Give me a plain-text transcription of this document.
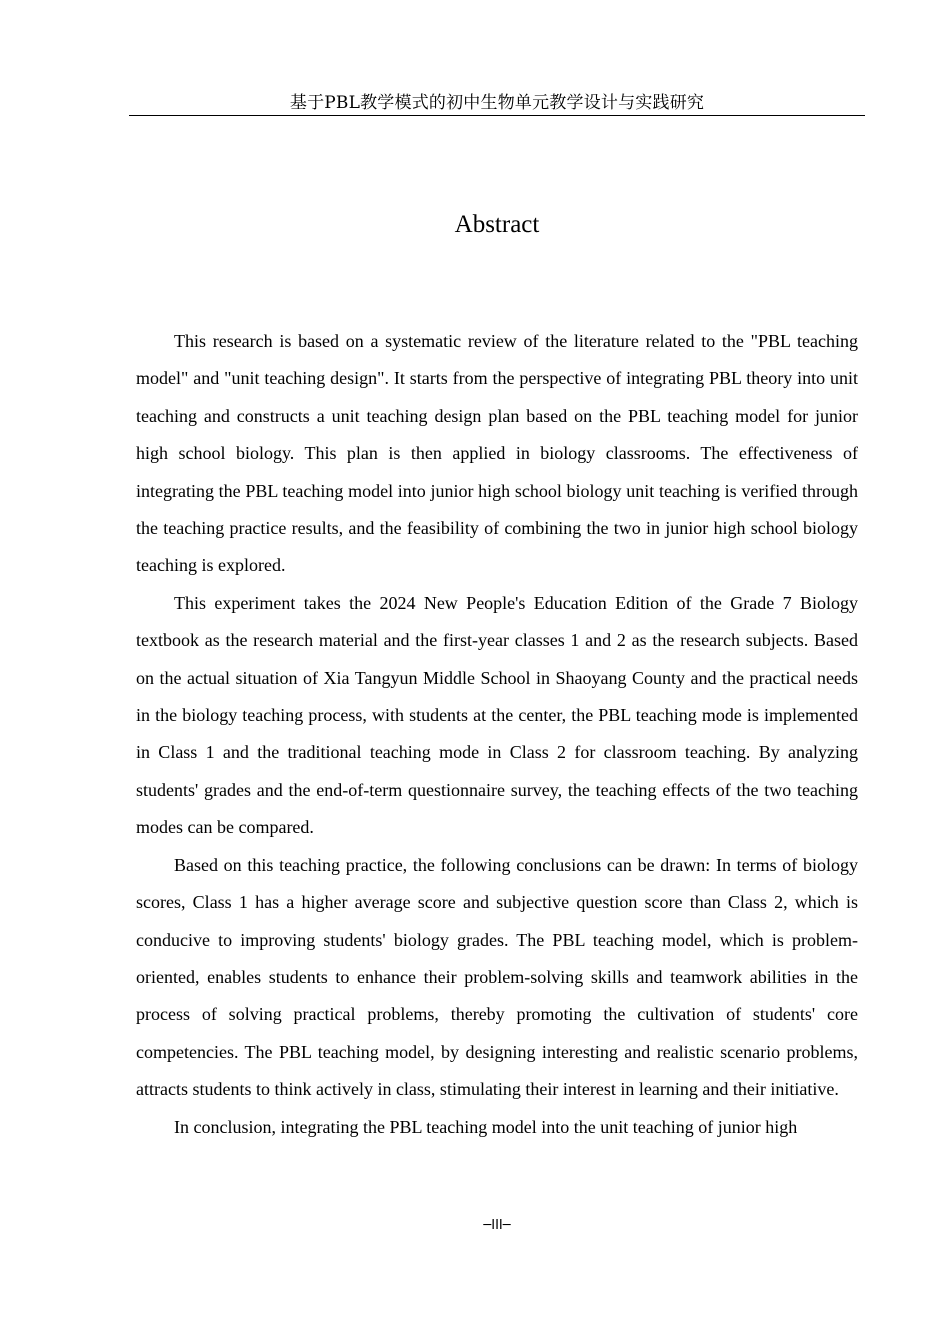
基于PBL教学模式的初中生物单元教学设计与实践研究
Abstract

This research is based on a systematic review of the literature related to the "PBL teaching model" and "unit teaching design". It starts from the perspective of integrating PBL theory into unit teaching and constructs a unit teaching design plan based on the PBL teaching model for junior high school biology. This plan is then applied in biology classrooms. The effectiveness of integrating the PBL teaching model into junior high school biology unit teaching is verified through the teaching practice results, and the feasibility of combining the two in junior high school biology teaching is explored.

This experiment takes the 2024 New People's Education Edition of the Grade 7 Biology textbook as the research material and the first-year classes 1 and 2 as the research subjects. Based on the actual situation of Xia Tangyun Middle School in Shaoyang County and the practical needs in the biology teaching process, with students at the center, the PBL teaching mode is implemented in Class 1 and the traditional teaching mode in Class 2 for classroom teaching. By analyzing students' grades and the end-of-term questionnaire survey, the teaching effects of the two teaching modes can be compared.

Based on this teaching practice, the following conclusions can be drawn: In terms of biology scores, Class 1 has a higher average score and subjective question score than Class 2, which is conducive to improving students' biology grades. The PBL teaching model, which is problem-oriented, enables students to enhance their problem-solving skills and teamwork abilities in the process of solving practical problems, thereby promoting the cultivation of students' core competencies. The PBL teaching model, by designing interesting and realistic scenario problems, attracts students to think actively in class, stimulating their interest in learning and their initiative.

In conclusion, integrating the PBL teaching model into the unit teaching of junior high

─III─
